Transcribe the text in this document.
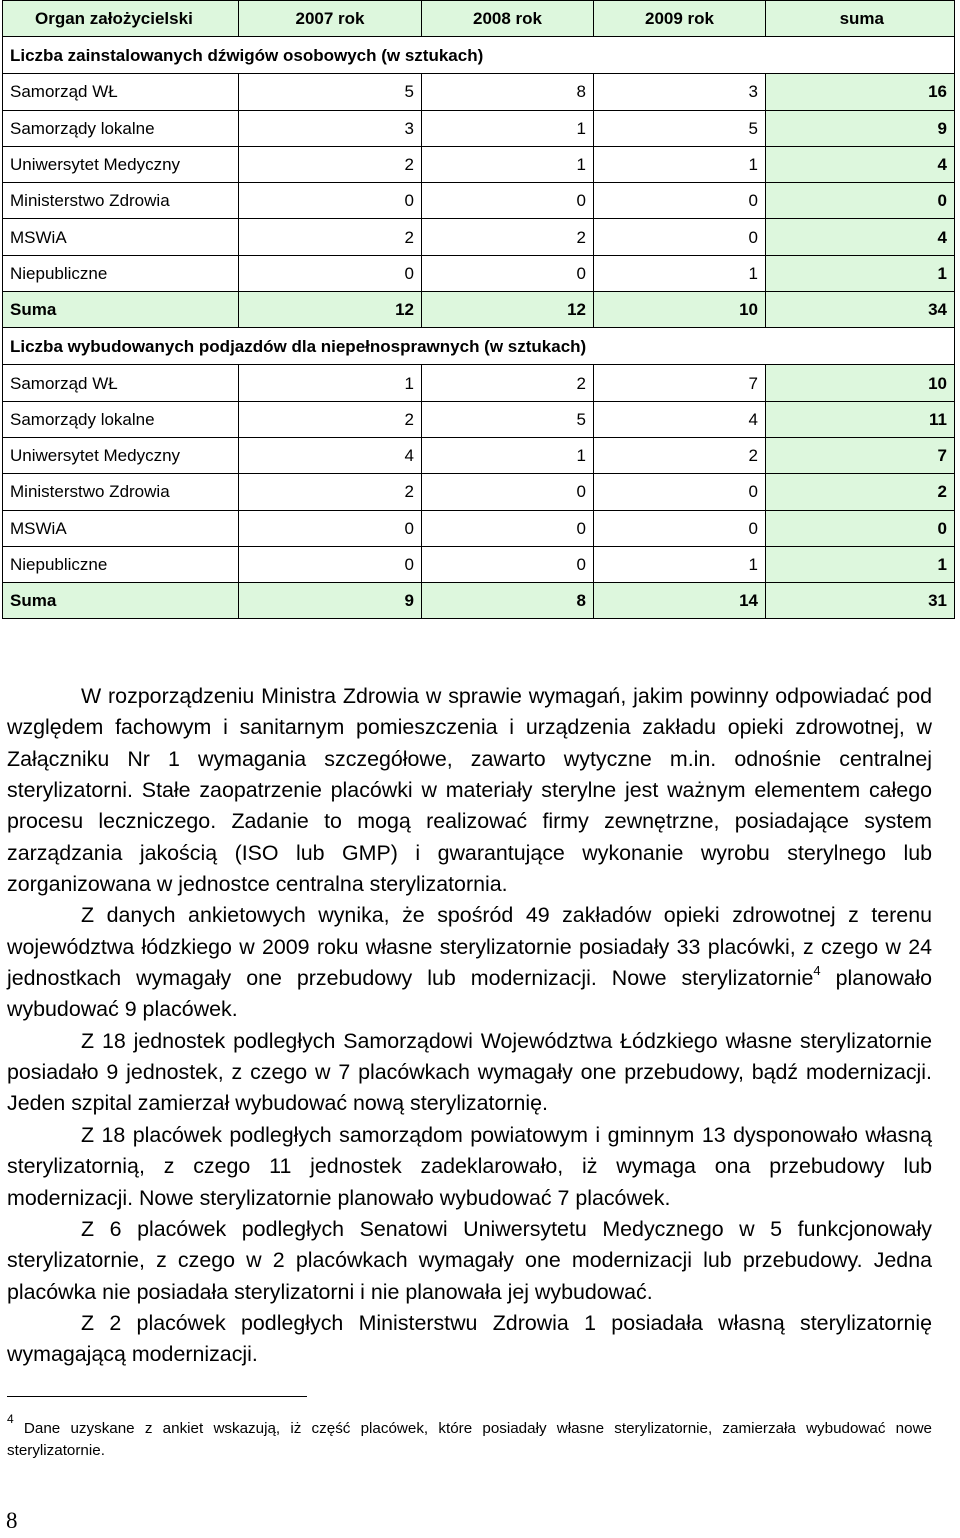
Organ założycielski	2007 rok	2008 rok	2009 rok	suma
Liczba zainstalowanych dźwigów osobowych (w sztukach)				
Samorząd WŁ	5	8	3	16
Samorządy lokalne	3	1	5	9
Uniwersytet Medyczny	2	1	1	4
Ministerstwo Zdrowia	0	0	0	0
MSWiA	2	2	0	4
Niepubliczne	0	0	1	1
Suma	12	12	10	34
Liczba wybudowanych podjazdów dla niepełnosprawnych (w sztukach)				
Samorząd WŁ	1	2	7	10
Samorządy lokalne	2	5	4	11
Uniwersytet Medyczny	4	1	2	7
Ministerstwo Zdrowia	2	0	0	2
MSWiA	0	0	0	0
Niepubliczne	0	0	1	1
Suma	9	8	14	31

W rozporządzeniu Ministra Zdrowia w sprawie wymagań, jakim powinny odpowiadać pod względem fachowym i sanitarnym pomieszczenia i urządzenia zakładu opieki zdrowotnej, w Załączniku Nr 1 wymagania szczegółowe, zawarto wytyczne m.in. odnośnie centralnej sterylizatorni. Stałe zaopatrzenie placówki w materiały sterylne jest ważnym elementem całego procesu leczniczego. Zadanie to mogą realizować firmy zewnętrzne, posiadające system zarządzania jakością (ISO lub GMP) i gwarantujące wykonanie wyrobu sterylnego lub zorganizowana w jednostce centralna sterylizatornia.

Z danych ankietowych wynika, że spośród 49 zakładów opieki zdrowotnej z terenu województwa łódzkiego w 2009 roku własne sterylizatornie posiadały 33 placówki, z czego w 24 jednostkach wymagały one przebudowy lub modernizacji. Nowe sterylizatornie$^4$ planowało wybudować 9 placówek.

Z 18 jednostek podległych Samorządowi Województwa Łódzkiego własne sterylizatornie posiadało 9 jednostek, z czego w 7 placówkach wymagały one przebudowy, bądź modernizacji. Jeden szpital zamierzał wybudować nową sterylizatornię.

Z 18 placówek podległych samorządom powiatowym i gminnym 13 dysponowało własną sterylizatornią, z czego 11 jednostek zadeklarowało, iż wymaga ona przebudowy lub modernizacji. Nowe sterylizatornie planowało wybudować 7 placówek.

Z 6 placówek podległych Senatowi Uniwersytetu Medycznego w 5 funkcjonowały sterylizatornie, z czego w 2 placówkach wymagały one modernizacji lub przebudowy. Jedna placówka nie posiadała sterylizatorni i nie planowała jej wybudować.

Z 2 placówek podległych Ministerstwu Zdrowia 1 posiadała własną sterylizatornię wymagającą modernizacji.

$^4$ Dane uzyskane z ankiet wskazują, iż część placówek, które posiadały własne sterylizatornie, zamierzała wybudować nowe sterylizatornie.
8
